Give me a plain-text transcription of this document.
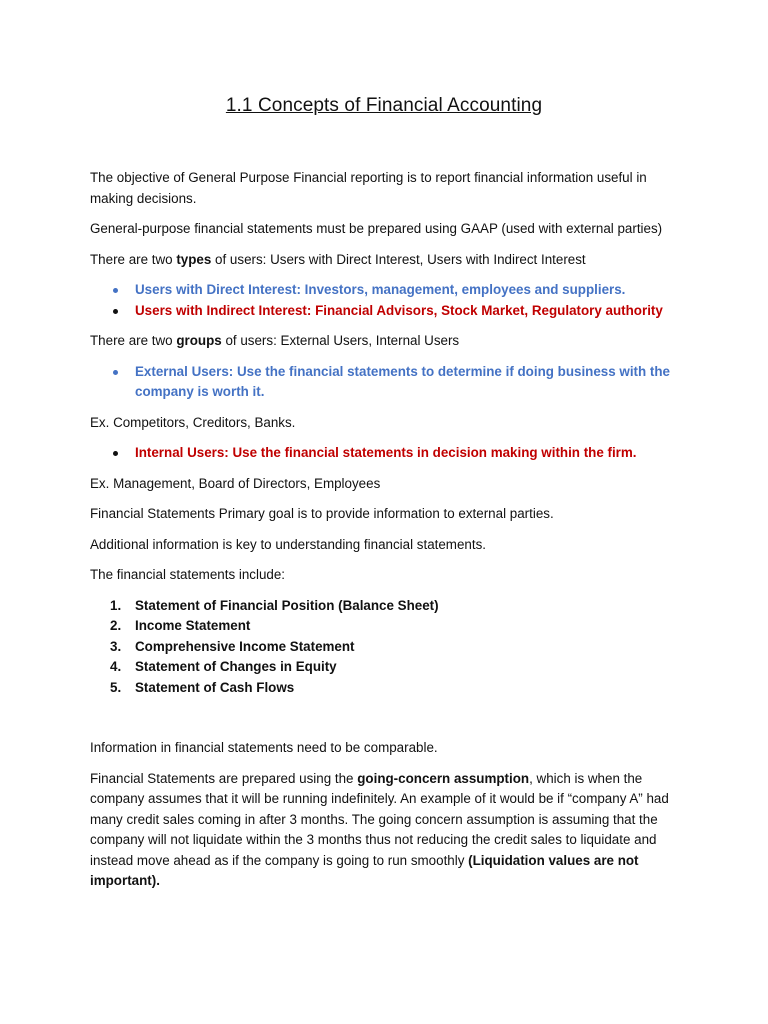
1.1 Concepts of Financial Accounting

The objective of General Purpose Financial reporting is to report financial information useful in making decisions.

General-purpose financial statements must be prepared using GAAP (used with external parties)

There are two types of users: Users with Direct Interest, Users with Indirect Interest

Users with Direct Interest: Investors, management, employees and suppliers.
Users with Indirect Interest: Financial Advisors, Stock Market, Regulatory authority

There are two groups of users: External Users, Internal Users

External Users: Use the financial statements to determine if doing business with the company is worth it.

Ex. Competitors, Creditors, Banks.

Internal Users: Use the financial statements in decision making within the firm.

Ex. Management, Board of Directors, Employees

Financial Statements Primary goal is to provide information to external parties.

Additional information is key to understanding financial statements.

The financial statements include:

1. Statement of Financial Position (Balance Sheet)
2. Income Statement
3. Comprehensive Income Statement
4. Statement of Changes in Equity
5. Statement of Cash Flows

Information in financial statements need to be comparable.

Financial Statements are prepared using the going-concern assumption, which is when the company assumes that it will be running indefinitely. An example of it would be if “company A” had many credit sales coming in after 3 months. The going concern assumption is assuming that the company will not liquidate within the 3 months thus not reducing the credit sales to liquidate and instead move ahead as if the company is going to run smoothly (Liquidation values are not important).
